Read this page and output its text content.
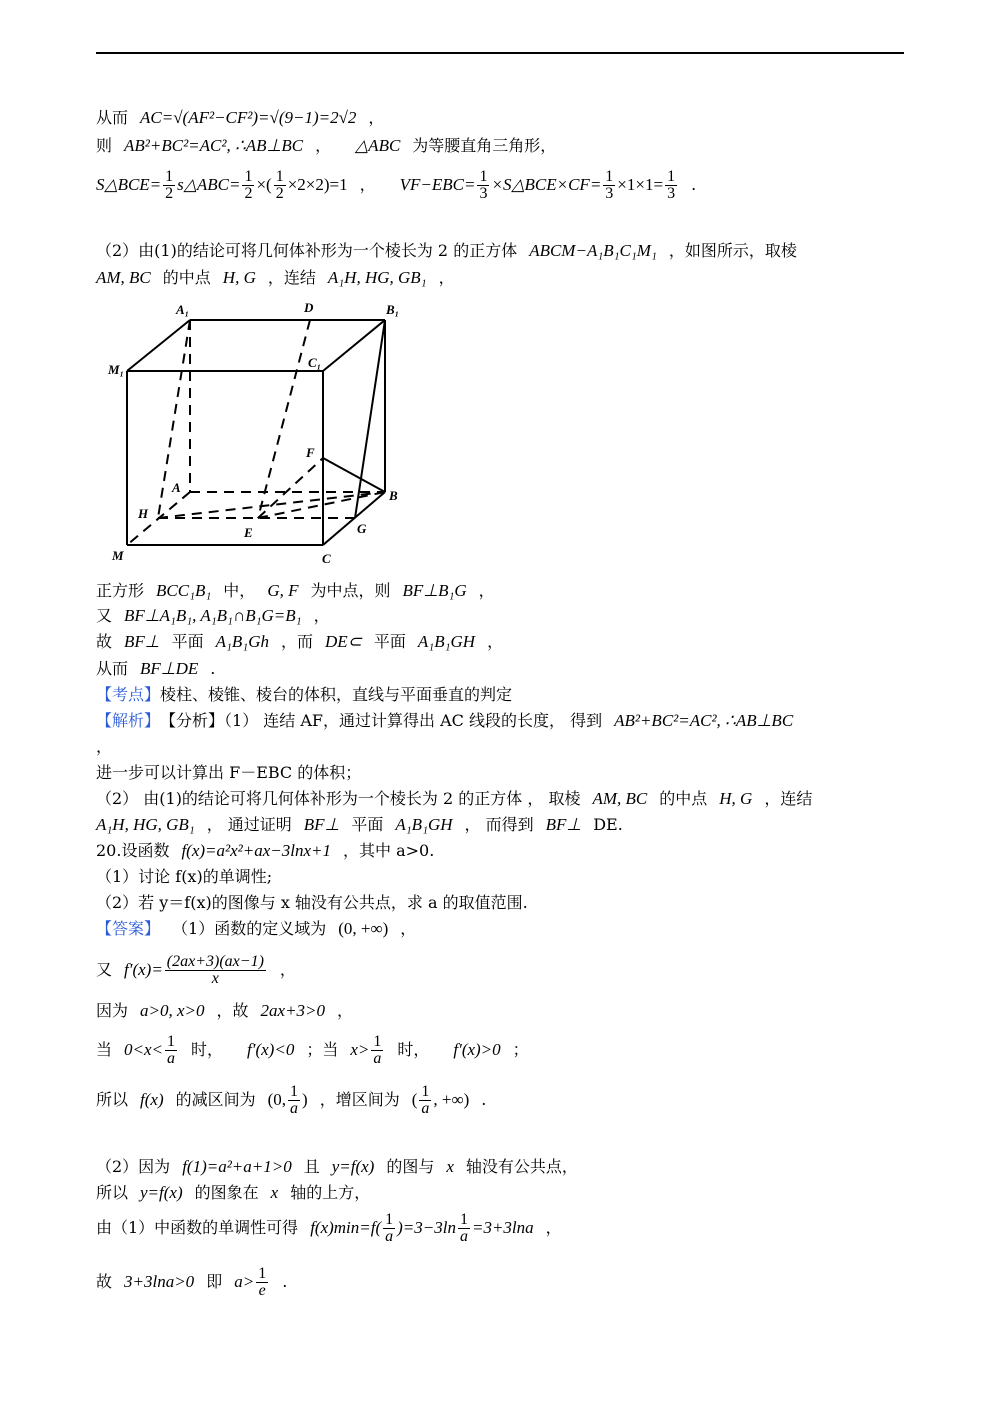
从而 AC=√(AF²−CF²)=√(9−1)=2√2 ，
则 AB²+BC²=AC², ∴AB⊥BC ， △ABC 为等腰直角三角形，
S△BCE= $\frac{1}{2}$ s△ABC= $\frac{1}{2}$ ×( $\frac{1}{2} \times 2\times 2)=1$ ， $VF-EBC= \frac{1}{3}$ ×S△BCE×CF= $\frac{1}{3} \times 1\times 1= \frac{1}{3}$ .
（2）由(1)的结论可将几何体补形为一个棱长为 2 的正方体 ABCM−A₁B₁C₁M₁ ，如图所示，取棱
AM, BC 的中点 H, G ，连结 A₁H, HG, GB₁ ，
A₁	D	B₁
C₁
M₁
F
A
B
H
G
E
M	C
正方形 BCC₁B₁ 中， G, F 为中点，则 BF⊥B₁G ，
又 BF⊥A₁B₁, A₁B₁∩B₁G=B₁ ，
故 BF⊥ 平面 A₁B₁Gh ，而 DE⊂ 平面 A₁B₁GH ，
从而 BF⊥DE .
【考点】 棱柱、棱锥、棱台的体积，直线与平面垂直的判定
【解析】 【分析】（1） 连结 AF，通过计算得出 AC 线段的长度， 得到 AB²+BC²=AC², ∴AB⊥BC
，
进一步可以计算出 F－EBC 的体积；
（2） 由(1)的结论可将几何体补形为一个棱长为 2 的正方体 ， 取棱 AM, BC 的中点 H, G ，连结
A₁H, HG, GB₁ ， 通过证明 BF⊥ 平面 A₁B₁GH ， 而得到 BF⊥ DE.
20.设函数 f(x)=a²x²+ax−3lnx+1 ，其中 a>0.
（1）讨论 f(x)的单调性;
（2）若 y＝f(x)的图像与 x 轴没有公共点，求 a 的取值范围.
【答案】 （1）函数的定义域为 (0, +∞) ，
又 $f'(x)= \frac{(2ax+3)(ax-1)}{x}$ ，
因为 a>0, x>0 ，故 2ax+3>0 ，
当 $0<x< \frac{1}{a}$ 时， f′(x)<0 ；当 $x> \frac{1}{a}$ 时， f′(x)>0 ；
所以 f(x) 的减区间为 (0, $\frac{1}{a}$ ) ，增区间为 ( $\frac{1}{a}$ , +∞) .
（2）因为 f(1)=a²+a+1>0 且 y=f(x) 的图与 x 轴没有公共点，
所以 y=f(x) 的图象在 x 轴的上方，
由（1）中函数的单调性可得 $f(x)\min=f( \frac{1}{a} )=3-3\ln \frac{1}{a} =3+3\ln a$ ，
故 3+3lna>0 即 $a> \frac{1}{e}$ .
